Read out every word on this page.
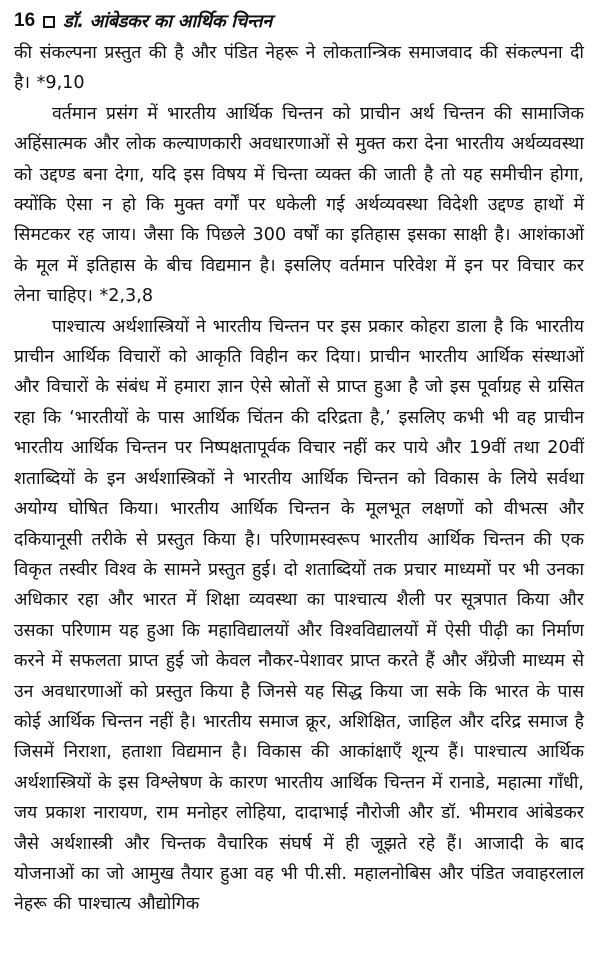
16 डॉ. आंबेडकर का आर्थिक चिन्तन

की संकल्पना प्रस्तुत की है और पंडित नेहरू ने लोकतान्त्रिक समाजवाद की संकल्पना दी है। *9,10

वर्तमान प्रसंग में भारतीय आर्थिक चिन्तन को प्राचीन अर्थ चिन्तन की सामाजिक अहिंसात्मक और लोक कल्याणकारी अवधारणाओं से मुक्त करा देना भारतीय अर्थव्यवस्था को उद्दण्ड बना देगा, यदि इस विषय में चिन्ता व्यक्त की जाती है तो यह समीचीन होगा, क्योंकि ऐसा न हो कि मुक्त वर्गों पर धकेली गई अर्थव्यवस्था विदेशी उद्दण्ड हाथों में सिमटकर रह जाय। जैसा कि पिछले 300 वर्षों का इतिहास इसका साक्षी है। आशंकाओं के मूल में इतिहास के बीच विद्यमान है। इसलिए वर्तमान परिवेश में इन पर विचार कर लेना चाहिए। *2,3,8

पाश्चात्य अर्थशास्त्रियों ने भारतीय चिन्तन पर इस प्रकार कोहरा डाला है कि भारतीय प्राचीन आर्थिक विचारों को आकृति विहीन कर दिया। प्राचीन भारतीय आर्थिक संस्थाओं और विचारों के संबंध में हमारा ज्ञान ऐसे स्रोतों से प्राप्त हुआ है जो इस पूर्वाग्रह से ग्रसित रहा कि ‘भारतीयों के पास आर्थिक चिंतन की दरिद्रता है,’ इसलिए कभी भी वह प्राचीन भारतीय आर्थिक चिन्तन पर निष्पक्षतापूर्वक विचार नहीं कर पाये और 19वीं तथा 20वीं शताब्दियों के इन अर्थशास्त्रिकों ने भारतीय आर्थिक चिन्तन को विकास के लिये सर्वथा अयोग्य घोषित किया। भारतीय आर्थिक चिन्तन के मूलभूत लक्षणों को वीभत्स और दकियानूसी तरीके से प्रस्तुत किया है। परिणामस्वरूप भारतीय आर्थिक चिन्तन की एक विकृत तस्वीर विश्व के सामने प्रस्तुत हुई। दो शताब्दियों तक प्रचार माध्यमों पर भी उनका अधिकार रहा और भारत में शिक्षा व्यवस्था का पाश्चात्य शैली पर सूत्रपात किया और उसका परिणाम यह हुआ कि महाविद्यालयों और विश्वविद्यालयों में ऐसी पीढ़ी का निर्माण करने में सफलता प्राप्त हुई जो केवल नौकर-पेशावर प्राप्त करते हैं और अँग्रेजी माध्यम से उन अवधारणाओं को प्रस्तुत किया है जिनसे यह सिद्ध किया जा सके कि भारत के पास कोई आर्थिक चिन्तन नहीं है। भारतीय समाज क्रूर, अशिक्षित, जाहिल और दरिद्र समाज है जिसमें निराशा, हताशा विद्यमान है। विकास की आकांक्षाएँ शून्य हैं। पाश्चात्य आर्थिक अर्थशास्त्रियों के इस विश्लेषण के कारण भारतीय आर्थिक चिन्तन में रानाडे, महात्मा गाँधी, जय प्रकाश नारायण, राम मनोहर लोहिया, दादाभाई नौरोजी और डॉ. भीमराव आंबेडकर जैसे अर्थशास्त्री और चिन्तक वैचारिक संघर्ष में ही जूझते रहे हैं। आजादी के बाद योजनाओं का जो आमुख तैयार हुआ वह भी पी.सी. महालनोबिस और पंडित जवाहरलाल नेहरू की पाश्चात्य औद्योगिक
